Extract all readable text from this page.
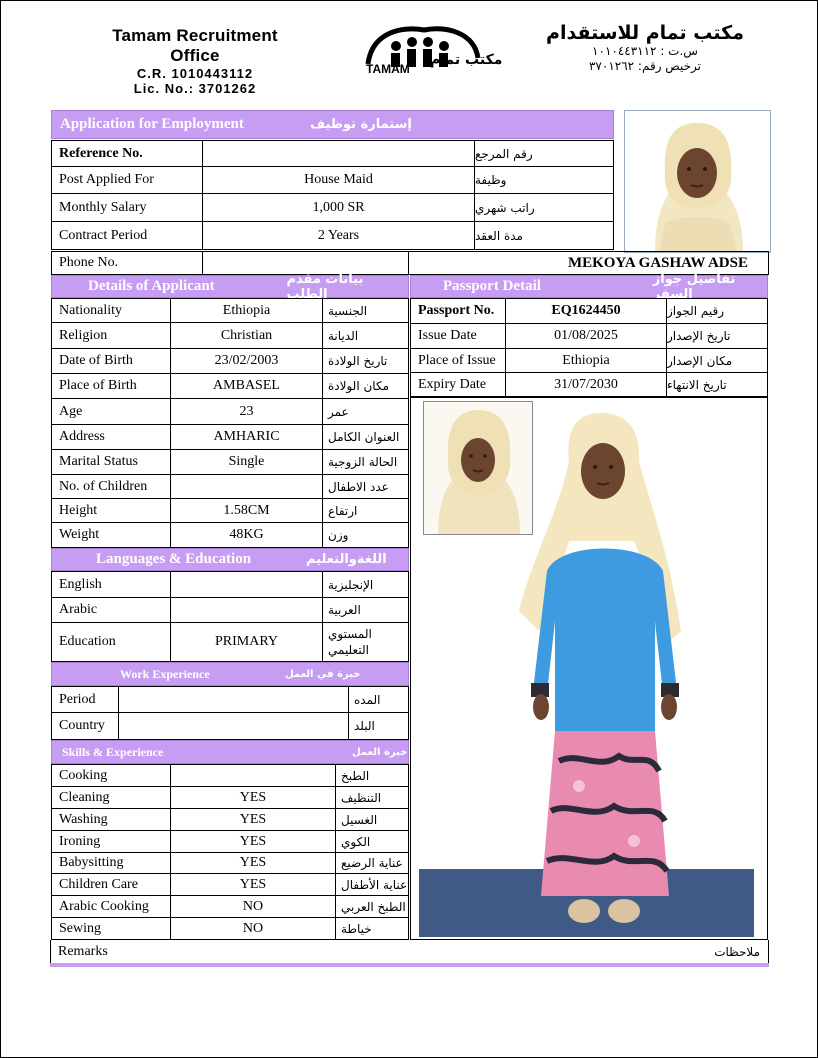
Tamam Recruitment Office
C.R. 1010443112
Lic. No.: 3701262
TAMAM
مكتب تمام
مكتب تمام للاستقدام
س.ت : ١٠١٠٤٤٣١١٢
ترخيص رقم: ٣٧٠١٢٦٢
Application for Employment	إستمارة توظيف
Reference No.	رقم المرجع
Post Applied For	House Maid	وظيفة
Monthly Salary	1,000 SR	راتب شهري
Contract Period	2 Years	مدة العقد
Phone No.	MEKOYA GASHAW ADSE
Details of Applicant	بيانات مقدم الطلب	Passport Detail	تفاصيل جواز السفر
Nationality	Ethiopia	الجنسية
Religion	Christian	الديانة
Date of Birth	23/02/2003	تاريخ الولادة
Place of Birth	AMBASEL	مكان الولادة
Age	23	عمر
Address	AMHARIC	العنوان الكامل
Marital Status	Single	الحالة الزوجية
No. of Children	عدد الاطفال
Height	1.58CM	ارتفاع
Weight	48KG	وزن
Passport No.	EQ1624450	رقيم الجواز
Issue Date	01/08/2025	تاريخ الإصدار
Place of Issue	Ethiopia	مكان الإصدار
Expiry Date	31/07/2030	تاريخ الانتهاء
Languages & Education	اللغةوالتعليم
English	الإنجليزية
Arabic	العربية
Education	PRIMARY	المستوي التعليمي
Work Experience	خبرة في العمل
Period	المده
Country	البلد
Skills & Experience	خبرة العمل
Cooking	الطبخ
Cleaning	YES	التنظيف
Washing	YES	الغسيل
Ironing	YES	الكوي
Babysitting	YES	عناية الرضيع
Children Care	YES	عناية الأطفال
Arabic Cooking	NO	الطبخ العربي
Sewing	NO	خياطة
Remarks	ملاحظات
